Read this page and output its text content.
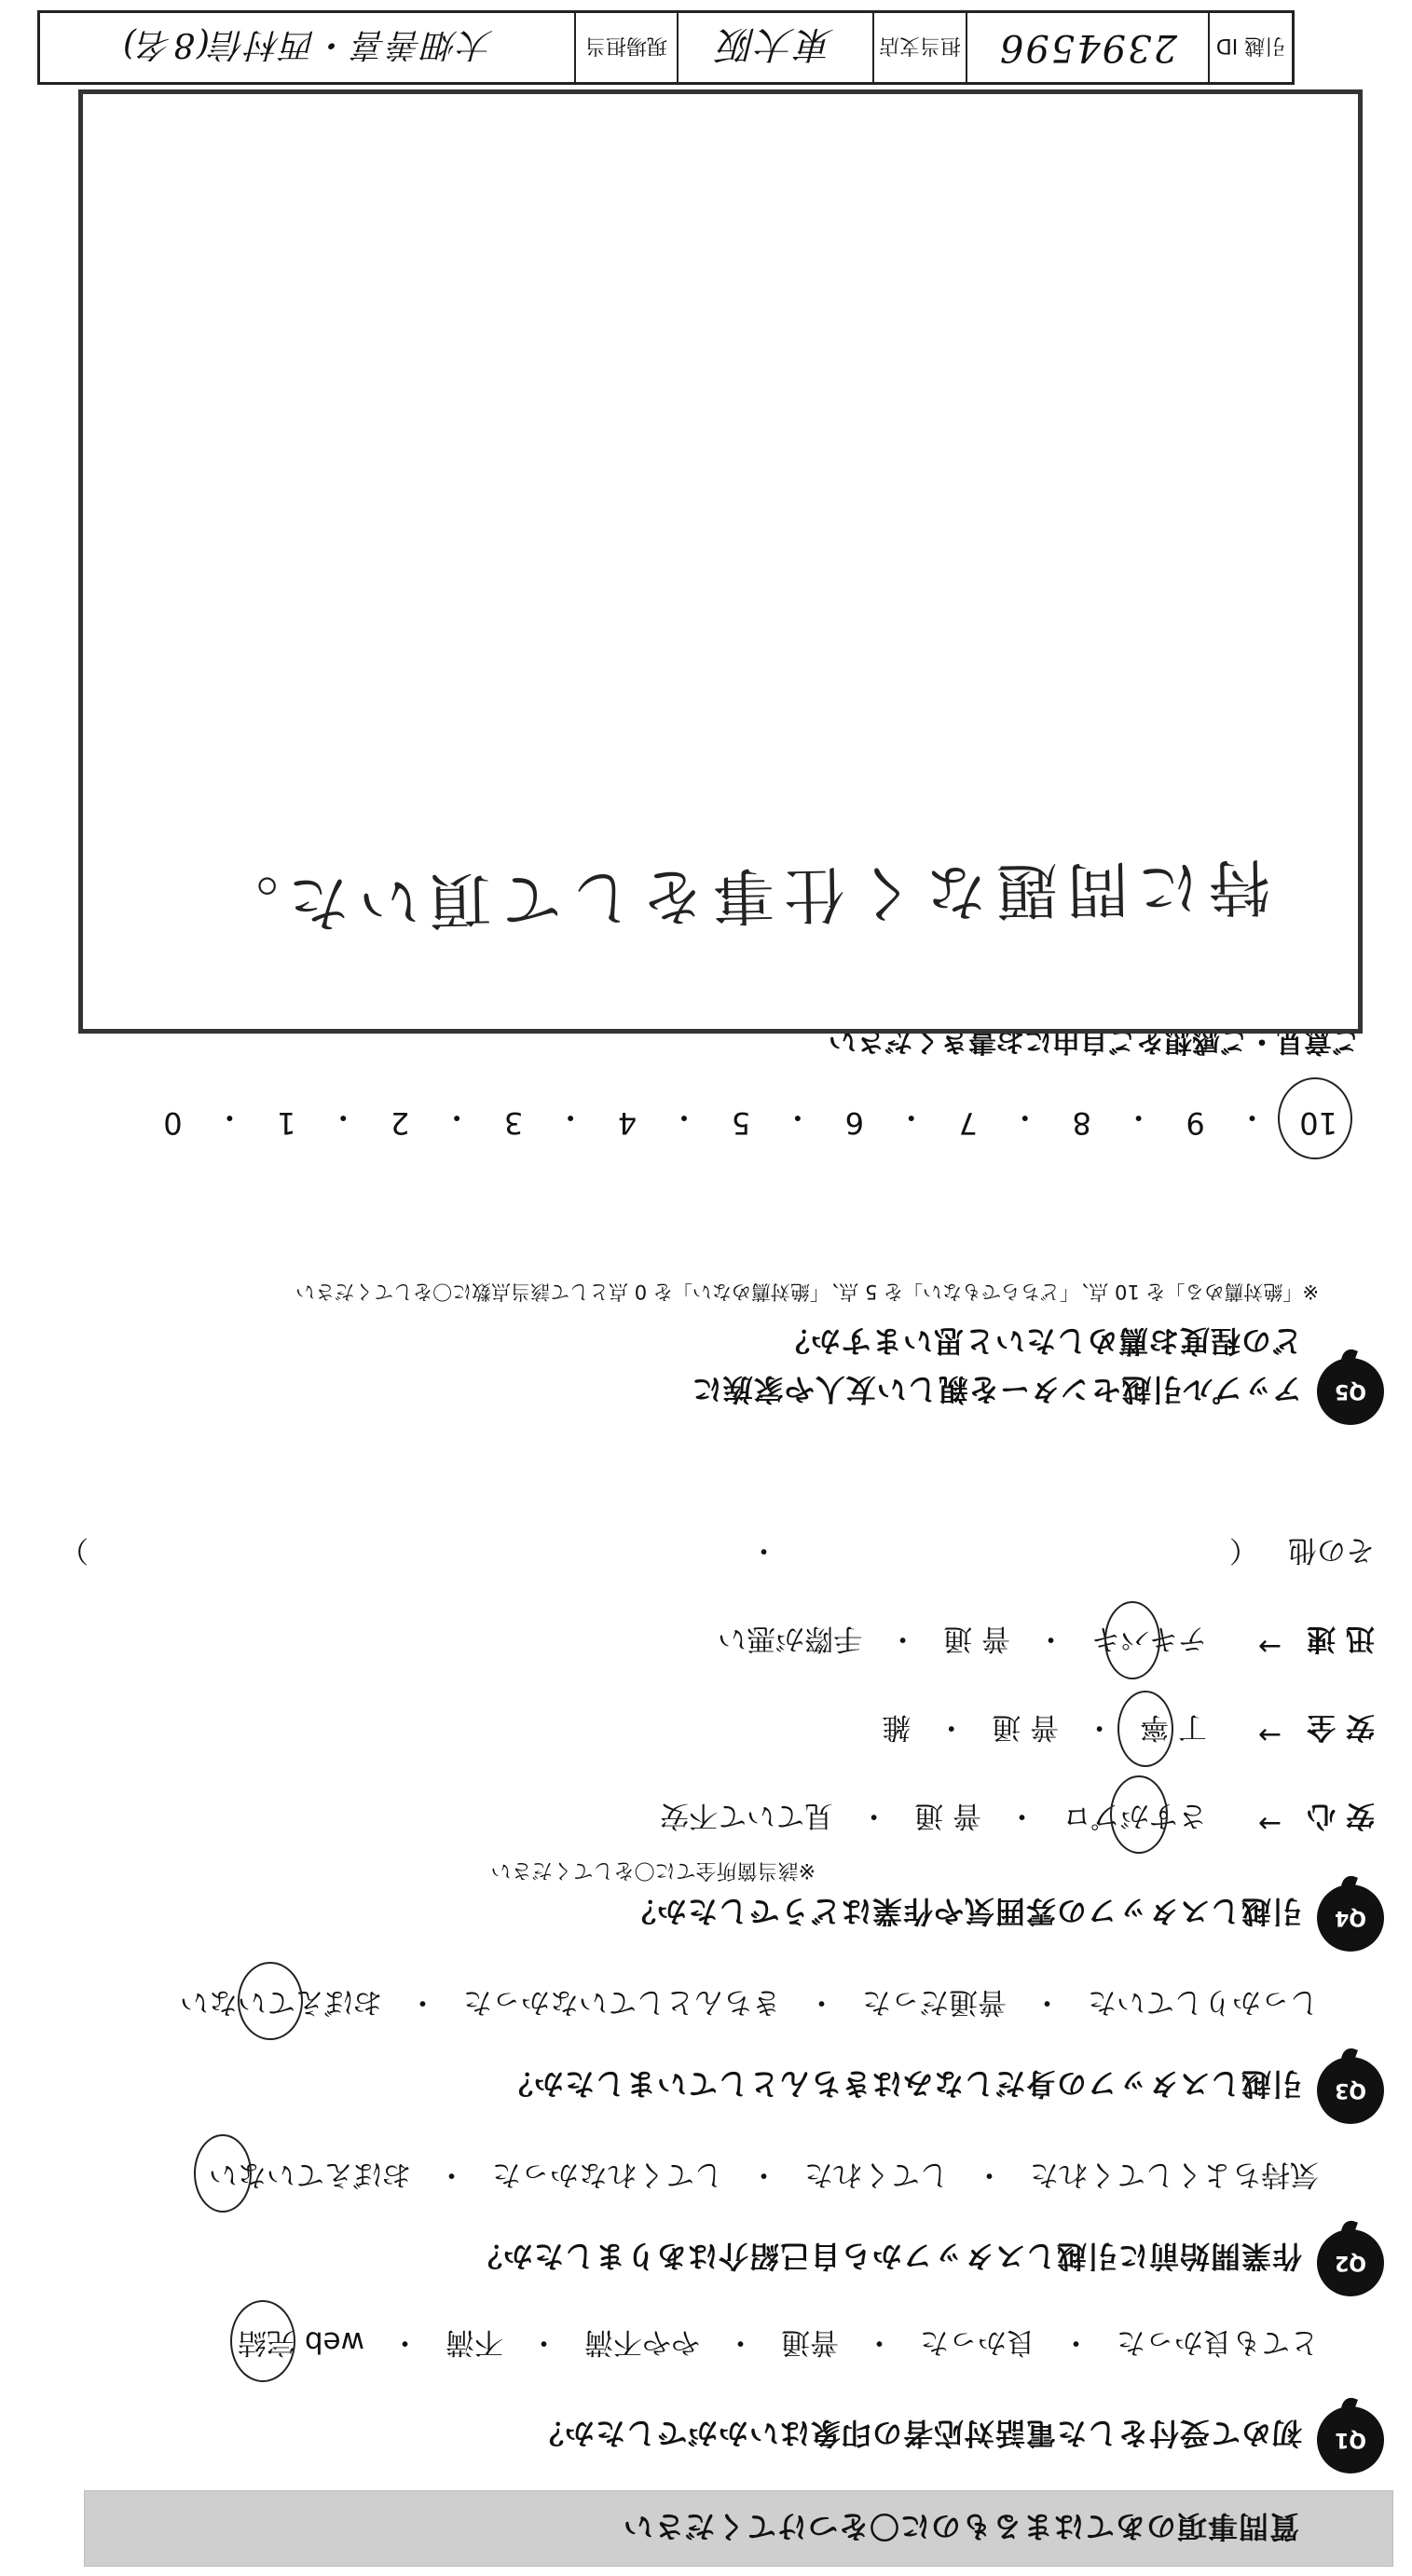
質問事項のあてはまるものに〇をつけてください
Q1
初めて受付をした電話対応者の印象はいかがでしたか？
とても良かった
・
良かった
・
普通
・
やや不満
・
不満
・
web 完結
Q2
作業開始前に引越しスタッフから自己紹介はありましたか？
気持ちよくしてくれた
・
してくれた
・
してくれなかった
・
おぼえていない
Q3
引越しスタッフの身だしなみはきちんとしていましたか？
しっかりしていた
・
普通だった
・
きちんとしていなかった
・
おぼえていない
Q4
引越しスタッフの雰囲気や作業はどうでしたか？
※該当箇所全てに〇をしてください
安 心
→
さすがプロ
・
普 通
・
見ていて不安
安 全
→
丁 寧
・
普 通
・
雑
迅 速
→
テキパキ
・
普 通
・
手際が悪い
その他
（
・
）
Q5
アップル引越センターを親しい友人や家族に
どの程度お薦めしたいと思いますか？
※「絶対薦める」を 10 点、「どちらでもない」を 5 点、「絶対薦めない」を 0 点として該当点数に〇をしてください
10
・
9
・
8
・
7
・
6
・
5
・
4
・
3
・
2
・
1
・
0
ご意見・ご感想をご自由にお書きください
特に問題なく仕事をして頂いた。
引越 ID
2394596
担当支店
東大阪
現場担当
大畑善喜・西村信(8名)
